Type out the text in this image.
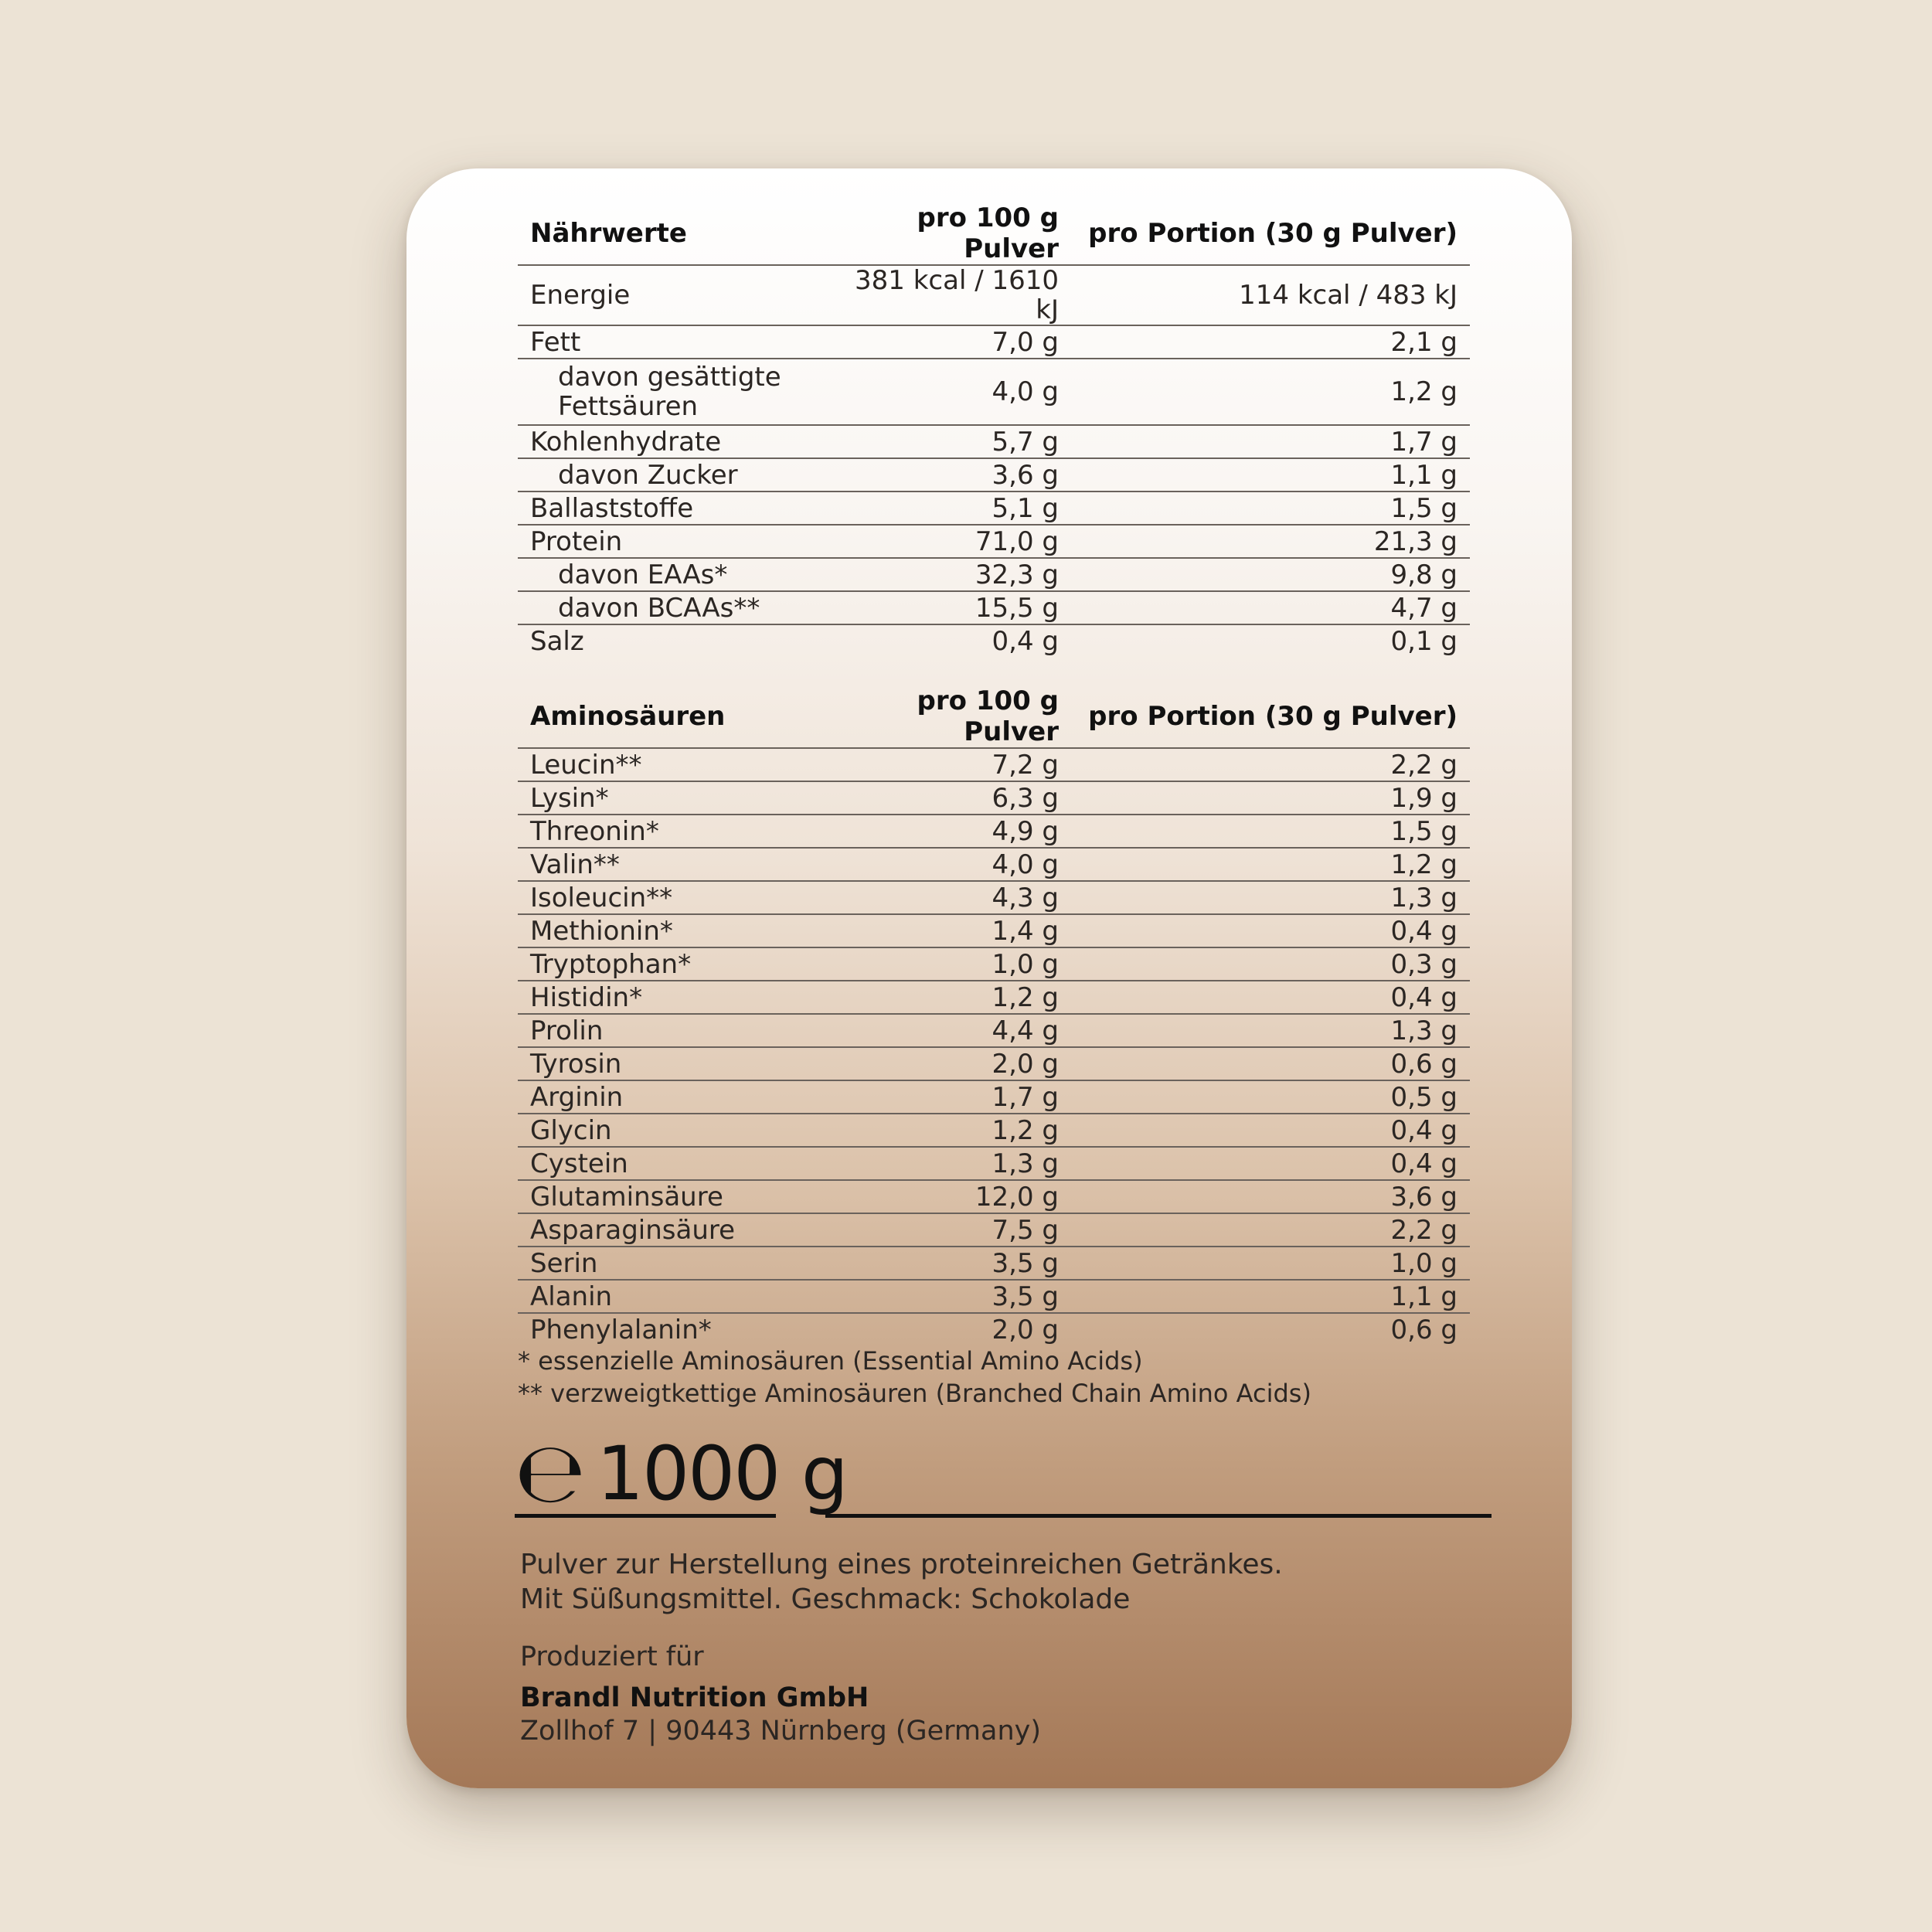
Nährwerte	pro 100 g Pulver	pro Portion (30 g Pulver)
Energie	381 kcal / 1610 kJ	114 kcal / 483 kJ
Fett	7,0 g	2,1 g
davon gesättigte Fettsäuren	4,0 g	1,2 g
Kohlenhydrate	5,7 g	1,7 g
davon Zucker	3,6 g	1,1 g
Ballaststoffe	5,1 g	1,5 g
Protein	71,0 g	21,3 g
davon EAAs*	32,3 g	9,8 g
davon BCAAs**	15,5 g	4,7 g
Salz	0,4 g	0,1 g
Aminosäuren	pro 100 g Pulver	pro Portion (30 g Pulver)
Leucin**	7,2 g	2,2 g
Lysin*	6,3 g	1,9 g
Threonin*	4,9 g	1,5 g
Valin**	4,0 g	1,2 g
Isoleucin**	4,3 g	1,3 g
Methionin*	1,4 g	0,4 g
Tryptophan*	1,0 g	0,3 g
Histidin*	1,2 g	0,4 g
Prolin	4,4 g	1,3 g
Tyrosin	2,0 g	0,6 g
Arginin	1,7 g	0,5 g
Glycin	1,2 g	0,4 g
Cystein	1,3 g	0,4 g
Glutaminsäure	12,0 g	3,6 g
Asparaginsäure	7,5 g	2,2 g
Serin	3,5 g	1,0 g
Alanin	3,5 g	1,1 g
Phenylalanin*	2,0 g	0,6 g
* essenzielle Aminosäuren (Essential Amino Acids)
** verzweigtkettige Aminosäuren (Branched Chain Amino Acids)
℮ 1000 g
Pulver zur Herstellung eines proteinreichen Getränkes.
Mit Süßungsmittel. Geschmack: Schokolade
Produziert für
Brandl Nutrition GmbH
Zollhof 7 | 90443 Nürnberg (Germany)
